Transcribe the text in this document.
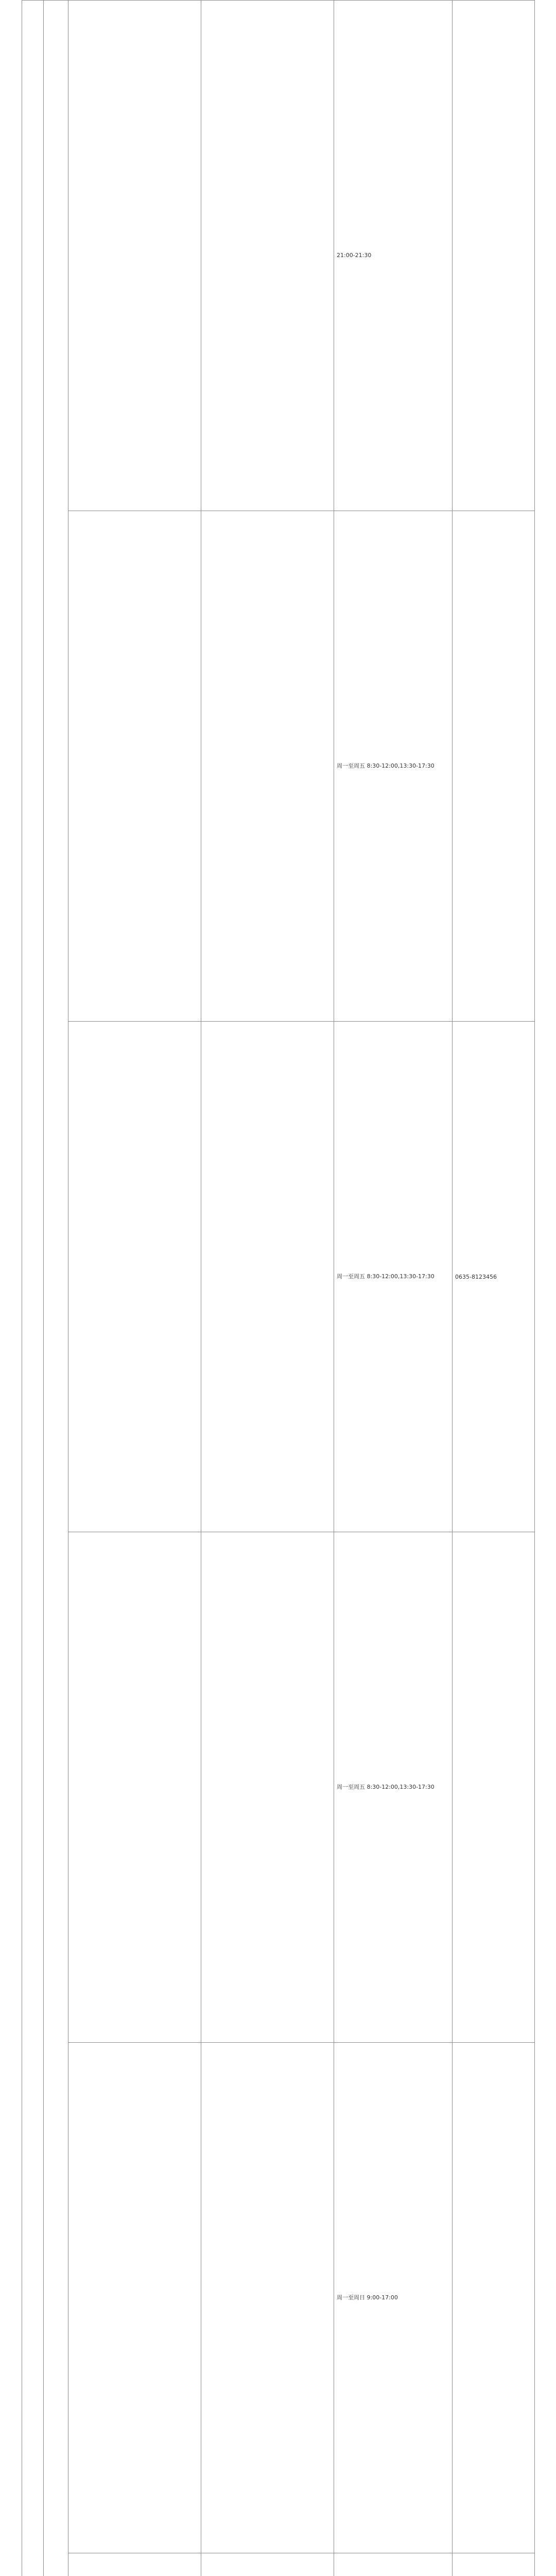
				21:00-21:30	
				周一至周五 8:30-12:00,13:30-17:30	
				周一至周五 8:30-12:00,13:30-17:30	0635-8123456
				周一至周五 8:30-12:00,13:30-17:30	
				周一至周日 9:00-17:00	
